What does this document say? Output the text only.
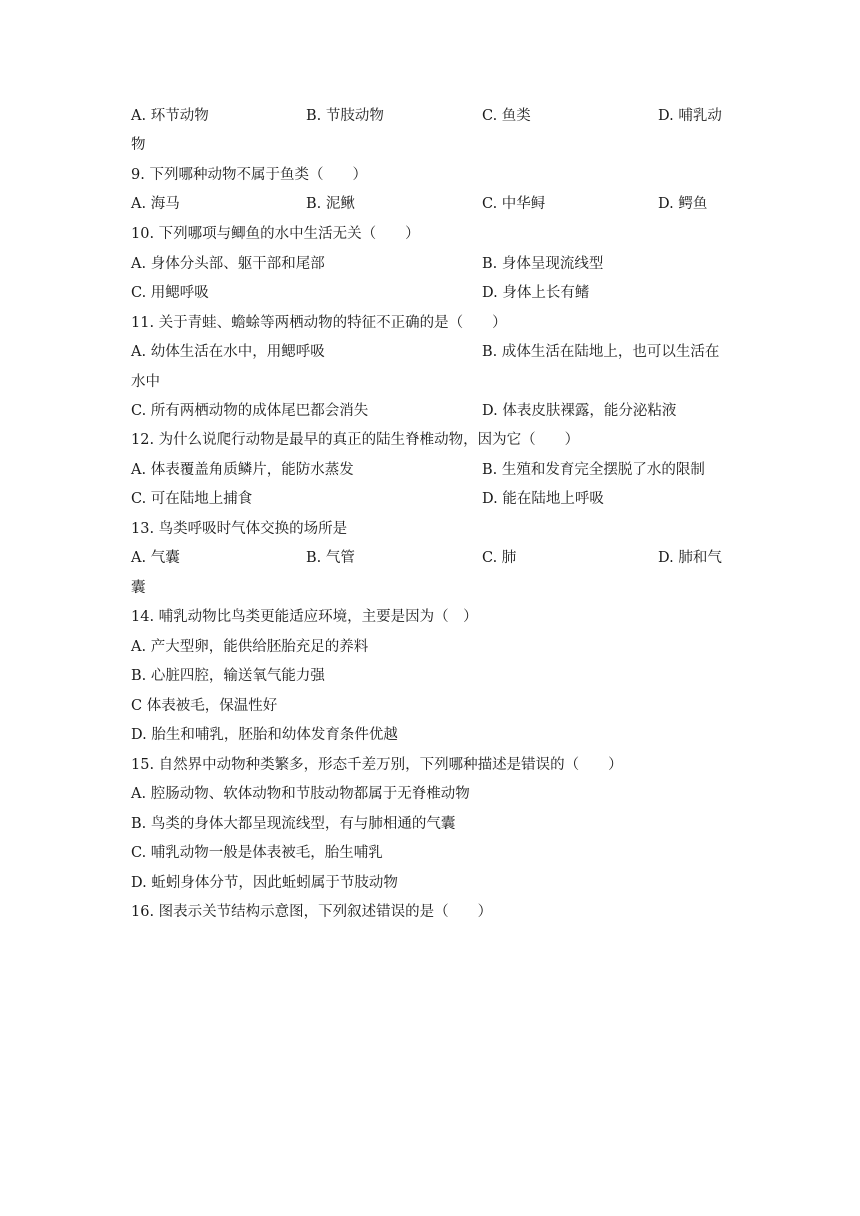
A. 环节动物	B. 节肢动物	C. 鱼类	D. 哺乳动
物
9. 下列哪种动物不属于鱼类（　　）
A. 海马	B. 泥鳅	C. 中华鲟	D. 鳄鱼
10. 下列哪项与鲫鱼的水中生活无关（　　）
A. 身体分头部、躯干部和尾部	B. 身体呈现流线型
C. 用鳃呼吸	D. 身体上长有鳍
11. 关于青蛙、蟾蜍等两栖动物的特征不正确的是（　　）
A. 幼体生活在水中，用鳃呼吸	B. 成体生活在陆地上，也可以生活在
水中
C. 所有两栖动物的成体尾巴都会消失	D. 体表皮肤裸露，能分泌粘液
12. 为什么说爬行动物是最早的真正的陆生脊椎动物，因为它（　　）
A. 体表覆盖角质鳞片，能防水蒸发	B. 生殖和发育完全摆脱了水的限制
C. 可在陆地上捕食	D. 能在陆地上呼吸
13. 鸟类呼吸时气体交换的场所是
A. 气囊	B. 气管	C. 肺	D. 肺和气
囊
14. 哺乳动物比鸟类更能适应环境，主要是因为（　）
A. 产大型卵，能供给胚胎充足的养料
B. 心脏四腔，输送氧气能力强
C 体表被毛，保温性好
D. 胎生和哺乳，胚胎和幼体发育条件优越
15. 自然界中动物种类繁多，形态千差万别，下列哪种描述是错误的（　　）
A. 腔肠动物、软体动物和节肢动物都属于无脊椎动物
B. 鸟类的身体大都呈现流线型，有与肺相通的气囊
C. 哺乳动物一般是体表被毛，胎生哺乳
D. 蚯蚓身体分节，因此蚯蚓属于节肢动物
16. 图表示关节结构示意图，下列叙述错误的是（　　）
